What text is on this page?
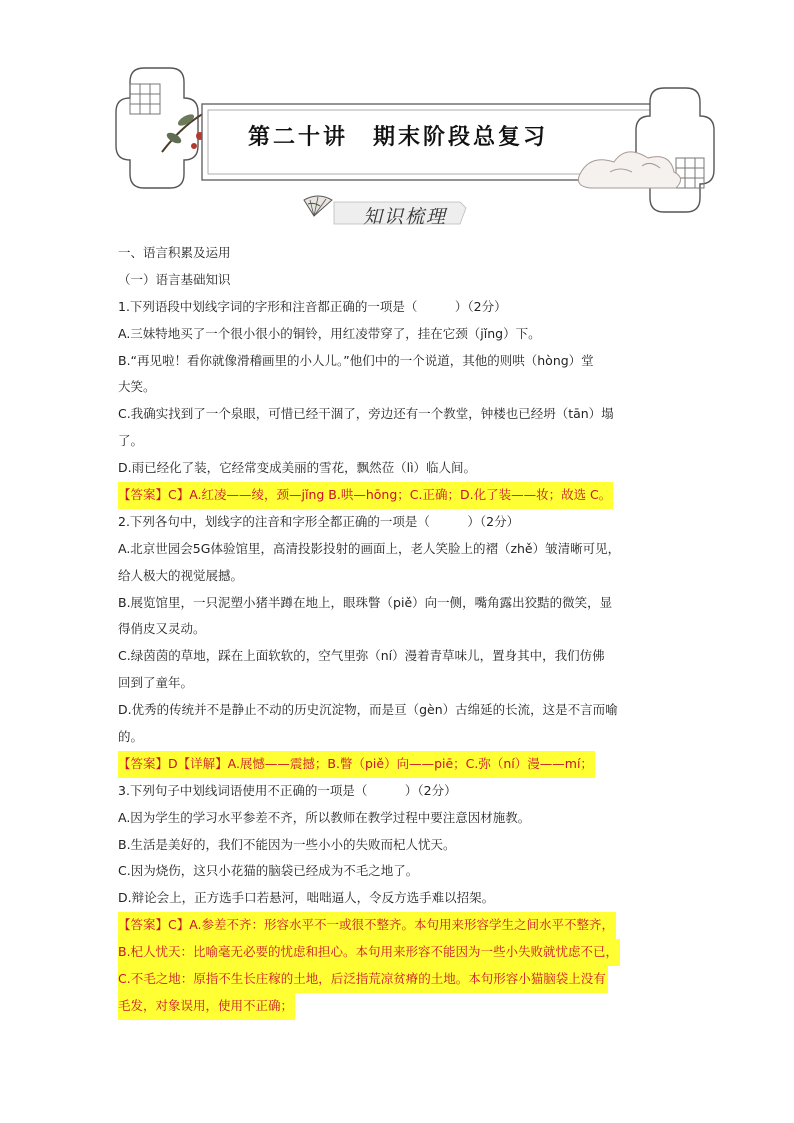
第二十讲　期末阶段总复习
知识梳理
一、语言积累及运用
（一）语言基础知识
1.下列语段中划线字词的字形和注音都正确的一项是（　　　）（2分）
A.三妹特地买了一个很小很小的铜铃，用红凌带穿了，挂在它颈（jǐng）下。
B.“再见啦！看你就像滑稽画里的小人儿。”他们中的一个说道，其他的则哄（hòng）堂
大笑。
C.我确实找到了一个泉眼，可惜已经干涸了，旁边还有一个教堂，钟楼也已经坍（tān）塌
了。
D.雨已经化了装，它经常变成美丽的雪花，飘然莅（lì）临人间。
【答案】C】A.红凌——绫，颈—jǐng B.哄—hōng；C.正确；D.化了装——妆；故选 C。
2.下列各句中，划线字的注音和字形全都正确的一项是（　　　）（2分）
A.北京世园会5G体验馆里，高清投影投射的画面上，老人笑脸上的褶（zhě）皱清晰可见，
给人极大的视觉展撼。
B.展览馆里，一只泥塑小猪半蹲在地上，眼珠瞥（piě）向一侧，嘴角露出狡黠的微笑，显
得俏皮又灵动。
C.绿茵茵的草地，踩在上面软软的，空气里弥（ní）漫着青草味儿，置身其中，我们仿佛
回到了童年。
D.优秀的传统并不是静止不动的历史沉淀物，而是亘（gèn）古绵延的长流，这是不言而喻
的。
【答案】D【详解】A.展憾——震撼；B.瞥（piě）向——piē；C.弥（ní）漫——mí；
3.下列句子中划线词语使用不正确的一项是（　　　）（2分）
A.因为学生的学习水平参差不齐，所以教师在教学过程中要注意因材施教。
B.生活是美好的，我们不能因为一些小小的失败而杞人忧天。
C.因为烧伤，这只小花猫的脑袋已经成为不毛之地了。
D.辩论会上，正方选手口若悬河，咄咄逼人，令反方选手难以招架。
【答案】C】A.参差不齐：形容水平不一或很不整齐。本句用来形容学生之间水平不整齐，
B.杞人忧天：比喻毫无必要的忧虑和担心。本句用来形容不能因为一些小失败就忧虑不已，
C.不毛之地：原指不生长庄稼的土地，后泛指荒凉贫瘠的土地。本句形容小猫脑袋上没有
毛发，对象误用，使用不正确；
